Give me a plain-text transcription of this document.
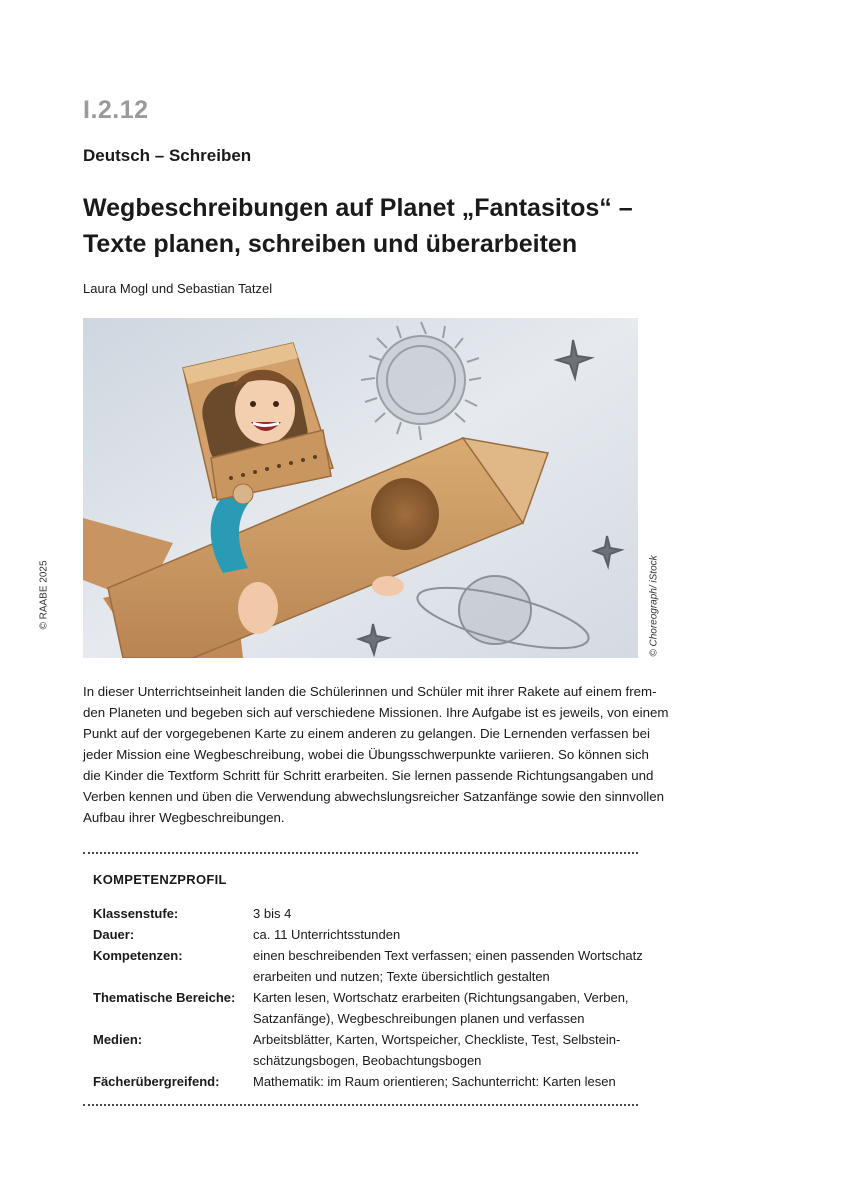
I.2.12
Deutsch – Schreiben
Wegbeschreibungen auf Planet „Fantasitos“ –
Texte planen, schreiben und überarbeiten
Laura Mogl und Sebastian Tatzel
© RAABE 2025	© Choreograph/ iStock
In dieser Unterrichtseinheit landen die Schülerinnen und Schüler mit ihrer Rakete auf einem frem-
den Planeten und begeben sich auf verschiedene Missionen. Ihre Aufgabe ist es jeweils, von einem
Punkt auf der vorgegebenen Karte zu einem anderen zu gelangen. Die Lernenden verfassen bei
jeder Mission eine Wegbeschreibung, wobei die Übungsschwerpunkte variieren. So können sich
die Kinder die Textform Schritt für Schritt erarbeiten. Sie lernen passende Richtungsangaben und
Verben kennen und üben die Verwendung abwechslungsreicher Satzanfänge sowie den sinnvollen
Aufbau ihrer Wegbeschreibungen.
KOMPETENZPROFIL
Klassenstufe:	3 bis 4
Dauer:	ca. 11 Unterrichtsstunden
Kompetenzen:	einen beschreibenden Text verfassen; einen passenden Wortschatz
erarbeiten und nutzen; Texte übersichtlich gestalten
Thematische Bereiche:	Karten lesen, Wortschatz erarbeiten (Richtungsangaben, Verben,
Satzanfänge), Wegbeschreibungen planen und verfassen
Medien:	Arbeitsblätter, Karten, Wortspeicher, Checkliste, Test, Selbstein-
schätzungsbogen, Beobachtungsbogen
Fächerübergreifend:	Mathematik: im Raum orientieren; Sachunterricht: Karten lesen
